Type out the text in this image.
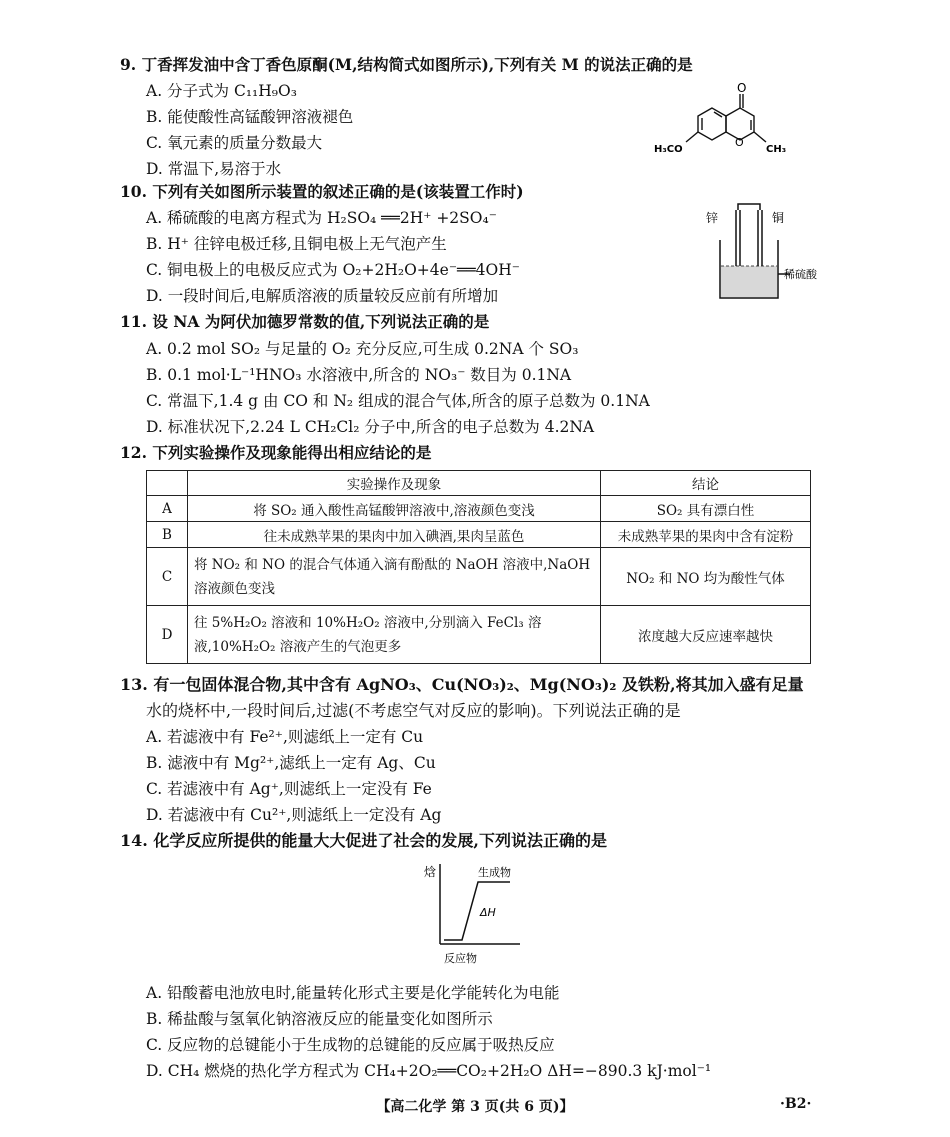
9. 丁香挥发油中含丁香色原酮(M,结构简式如图所示),下列有关 M 的说法正确的是
A. 分子式为 C₁₁H₉O₃
B. 能使酸性高锰酸钾溶液褪色
C. 氧元素的质量分数最大
D. 常温下,易溶于水
O
O
H₃CO	CH₃
10. 下列有关如图所示装置的叙述正确的是(该装置工作时)
A. 稀硫酸的电离方程式为 H₂SO₄ ══2H⁺ +2SO₄⁻
B. H⁺ 往锌电极迁移,且铜电极上无气泡产生
C. 铜电极上的电极反应式为 O₂+2H₂O+4e⁻══4OH⁻
D. 一段时间后,电解质溶液的质量较反应前有所增加
锌	铜
稀硫酸
11. 设 NA 为阿伏加德罗常数的值,下列说法正确的是
A. 0.2 mol SO₂ 与足量的 O₂ 充分反应,可生成 0.2NA 个 SO₃
B. 0.1 mol·L⁻¹HNO₃ 水溶液中,所含的 NO₃⁻ 数目为 0.1NA
C. 常温下,1.4 g 由 CO 和 N₂ 组成的混合气体,所含的原子总数为 0.1NA
D. 标准状况下,2.24 L CH₂Cl₂ 分子中,所含的电子总数为 4.2NA
12. 下列实验操作及现象能得出相应结论的是
	实验操作及现象	结论
A	将 SO₂ 通入酸性高锰酸钾溶液中,溶液颜色变浅	SO₂ 具有漂白性
B	往未成熟苹果的果肉中加入碘酒,果肉呈蓝色	未成熟苹果的果肉中含有淀粉
C	将 NO₂ 和 NO 的混合气体通入滴有酚酞的 NaOH 溶液中,NaOH 溶液颜色变浅	NO₂ 和 NO 均为酸性气体
D	往 5%H₂O₂ 溶液和 10%H₂O₂ 溶液中,分别滴入 FeCl₃ 溶液,10%H₂O₂ 溶液产生的气泡更多	浓度越大反应速率越快
13. 有一包固体混合物,其中含有 AgNO₃、Cu(NO₃)₂、Mg(NO₃)₂ 及铁粉,将其加入盛有足量
水的烧杯中,一段时间后,过滤(不考虑空气对反应的影响)。下列说法正确的是
A. 若滤液中有 Fe²⁺,则滤纸上一定有 Cu
B. 滤液中有 Mg²⁺,滤纸上一定有 Ag、Cu
C. 若滤液中有 Ag⁺,则滤纸上一定没有 Fe
D. 若滤液中有 Cu²⁺,则滤纸上一定没有 Ag
14. 化学反应所提供的能量大大促进了社会的发展,下列说法正确的是
焓	生成物
ΔH
反应物
A. 铅酸蓄电池放电时,能量转化形式主要是化学能转化为电能
B. 稀盐酸与氢氧化钠溶液反应的能量变化如图所示
C. 反应物的总键能小于生成物的总键能的反应属于吸热反应
D. CH₄ 燃烧的热化学方程式为 CH₄+2O₂══CO₂+2H₂O ΔH=−890.3 kJ·mol⁻¹
【高二化学 第 3 页(共 6 页)】	·B2·
